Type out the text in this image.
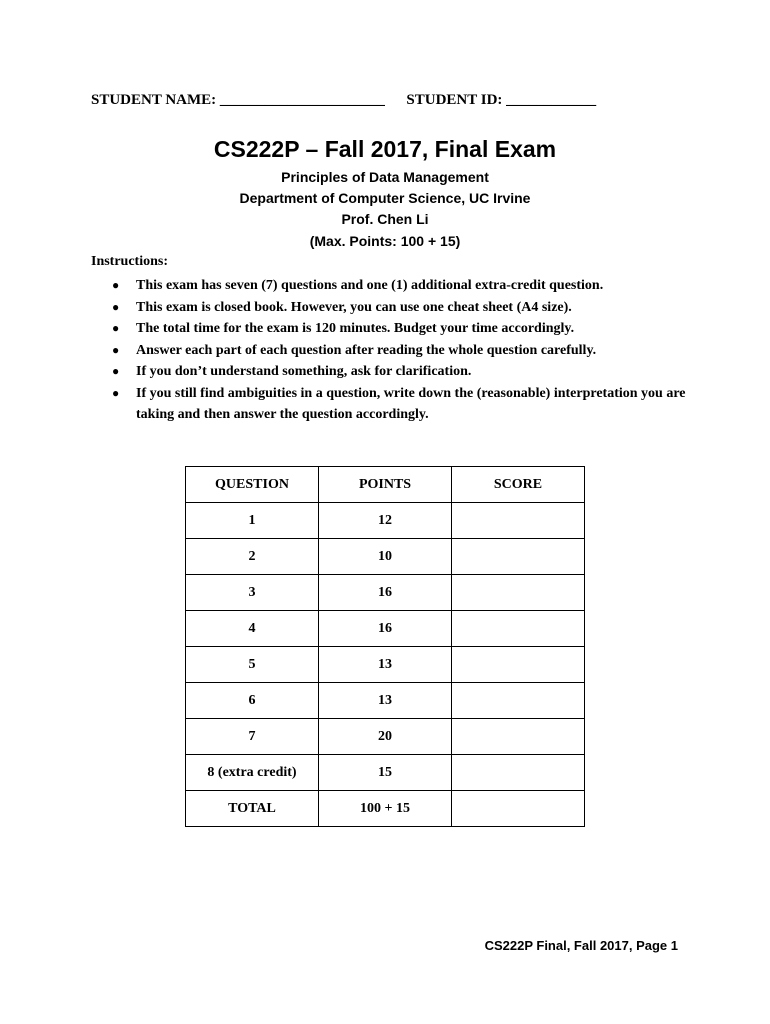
STUDENT NAME: ______________________ STUDENT ID: ____________
CS222P – Fall 2017, Final Exam
Principles of Data Management
Department of Computer Science, UC Irvine
Prof. Chen Li
(Max. Points: 100 + 15)
Instructions:
● This exam has seven (7) questions and one (1) additional extra-credit question.
● This exam is closed book. However, you can use one cheat sheet (A4 size).
● The total time for the exam is 120 minutes. Budget your time accordingly.
● Answer each part of each question after reading the whole question carefully.
● If you don’t understand something, ask for clarification.
● If you still find ambiguities in a question, write down the (reasonable) interpretation you are taking and then answer the question accordingly.
QUESTION	POINTS	SCORE
1	12	
2	10	
3	16	
4	16	
5	13	
6	13	
7	20	
8 (extra credit)	15	
TOTAL	100 + 15	
CS222P Final, Fall 2017, Page 1
